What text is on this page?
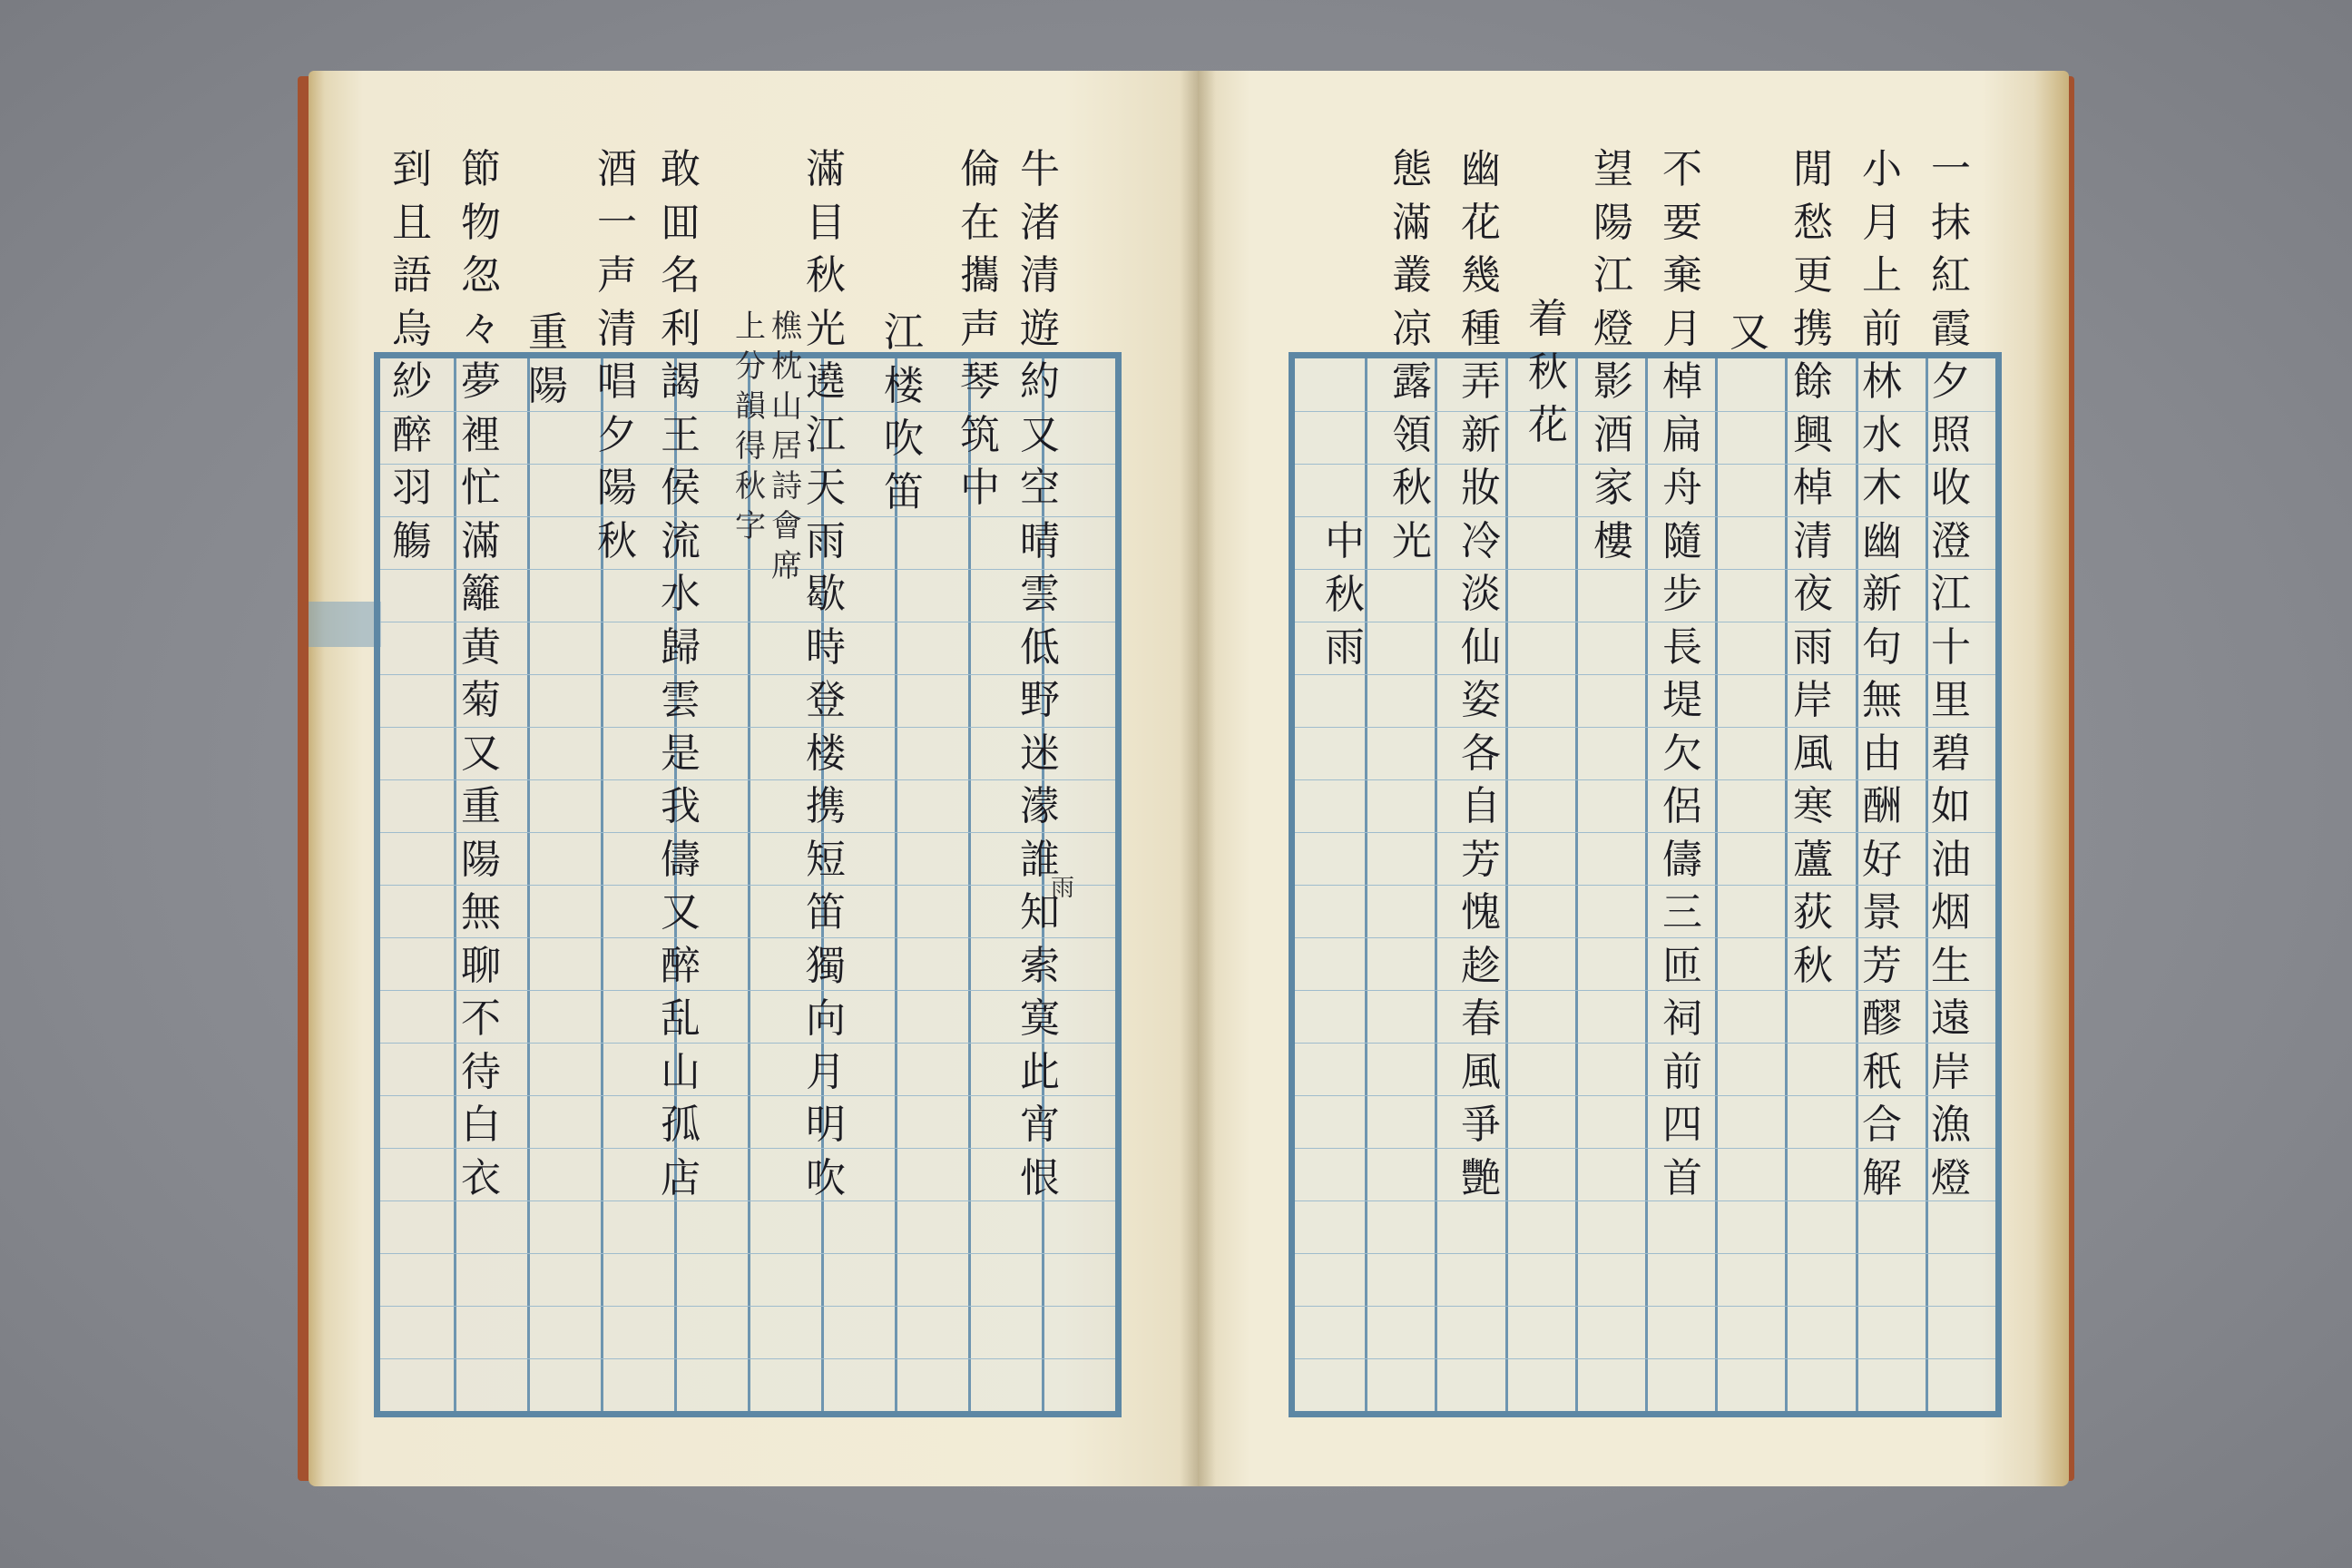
牛
渚
清
遊
約
又
空
晴
雲
低
野
迷
濛
誰
知
索
寞
此
宵
恨
倫
在
攜
声
琴
筑
中
江
楼
吹
笛
滿
目
秋
光
遶
江
天
雨
歇
時
登
楼
携
短
笛
獨
向
月
明
吹
樵
枕
山
居
詩
會
席
上
分
韻
得
秋
字
敢
囬
名
利
謁
王
侯
流
水
歸
雲
是
我
儔
又
醉
乱
山
孤
店
酒
一
声
清
唱
夕
陽
秋
重
陽
節
物
忽
々
夢
裡
忙
滿
籬
黄
菊
又
重
陽
無
聊
不
待
白
衣
到
且
語
烏
紗
醉
羽
觴
雨
一
抹
紅
霞
夕
照
收
澄
江
十
里
碧
如
油
烟
生
遠
岸
漁
燈
小
月
上
前
林
水
木
幽
新
句
無
由
酬
好
景
芳
醪
秖
合
解
閒
愁
更
携
餘
興
棹
清
夜
雨
岸
風
寒
蘆
荻
秋
又
不
要
棄
月
棹
扁
舟
隨
步
長
堤
欠
侶
儔
三
匝
祠
前
四
首
望
陽
江
燈
影
酒
家
樓
着
秋
花
幽
花
幾
種
弄
新
妝
冷
淡
仙
姿
各
自
芳
愧
趁
春
風
爭
艷
態
滿
叢
凉
露
領
秋
光
中
秋
雨
